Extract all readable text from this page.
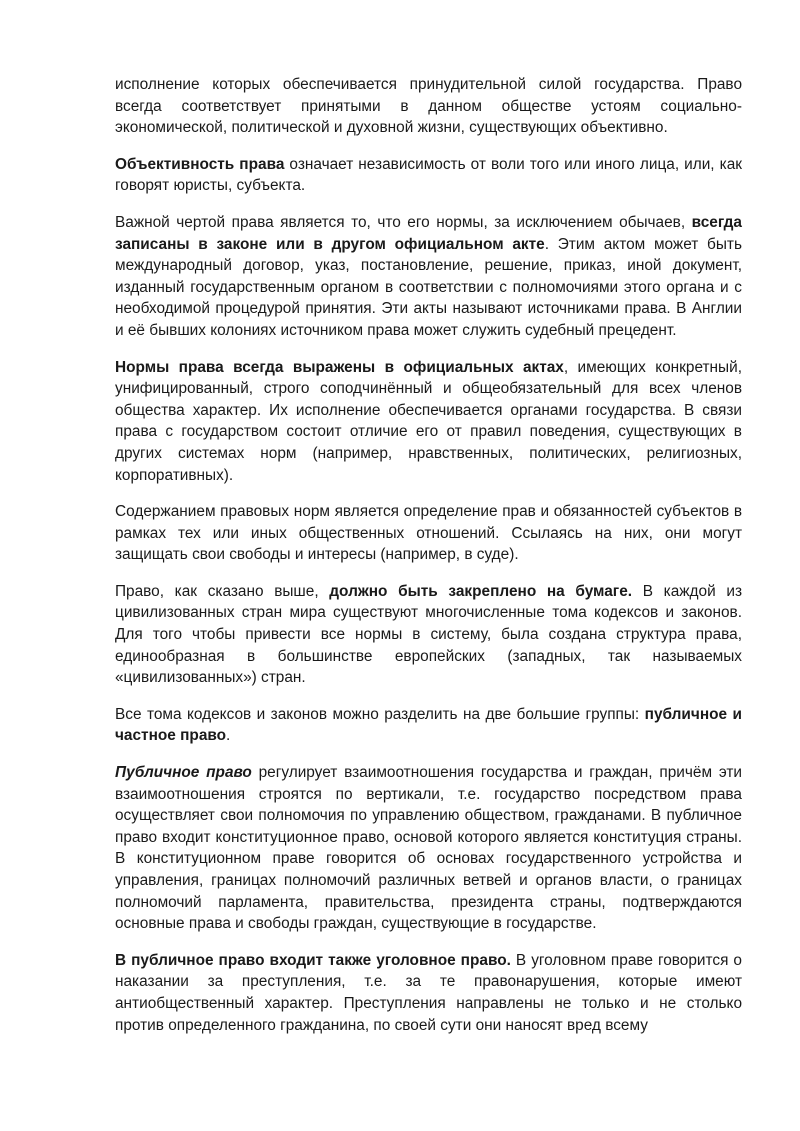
исполнение которых обеспечивается принудительной силой государства. Право всегда соответствует принятыми в данном обществе устоям социально-экономической, политической и духовной жизни, существующих объективно.

Объективность права означает независимость от воли того или иного лица, или, как говорят юристы, субъекта.

Важной чертой права является то, что его нормы, за исключением обычаев, всегда записаны в законе или в другом официальном акте. Этим актом может быть международный договор, указ, постановление, решение, приказ, иной документ, изданный государственным органом в соответствии с полномочиями этого органа и с необходимой процедурой принятия. Эти акты называют источниками права. В Англии и её бывших колониях источником права может служить судебный прецедент.

Нормы права всегда выражены в официальных актах, имеющих конкретный, унифицированный, строго соподчинённый и общеобязательный для всех членов общества характер. Их исполнение обеспечивается органами государства. В связи права с государством состоит отличие его от правил поведения, существующих в других системах норм (например, нравственных, политических, религиозных, корпоративных).

Содержанием правовых норм является определение прав и обязанностей субъектов в рамках тех или иных общественных отношений. Ссылаясь на них, они могут защищать свои свободы и интересы (например, в суде).

Право, как сказано выше, должно быть закреплено на бумаге. В каждой из цивилизованных стран мира существуют многочисленные тома кодексов и законов. Для того чтобы привести все нормы в систему, была создана структура права, единообразная в большинстве европейских (западных, так называемых «цивилизованных») стран.

Все тома кодексов и законов можно разделить на две большие группы: публичное и частное право.

Публичное право регулирует взаимоотношения государства и граждан, причём эти взаимоотношения строятся по вертикали, т.е. государство посредством права осуществляет свои полномочия по управлению обществом, гражданами. В публичное право входит конституционное право, основой которого является конституция страны. В конституционном праве говорится об основах государственного устройства и управления, границах полномочий различных ветвей и органов власти, о границах полномочий парламента, правительства, президента страны, подтверждаются основные права и свободы граждан, существующие в государстве.

В публичное право входит также уголовное право. В уголовном праве говорится о наказании за преступления, т.е. за те правонарушения, которые имеют антиобщественный характер. Преступления направлены не только и не столько против определенного гражданина, по своей сути они наносят вред всему
